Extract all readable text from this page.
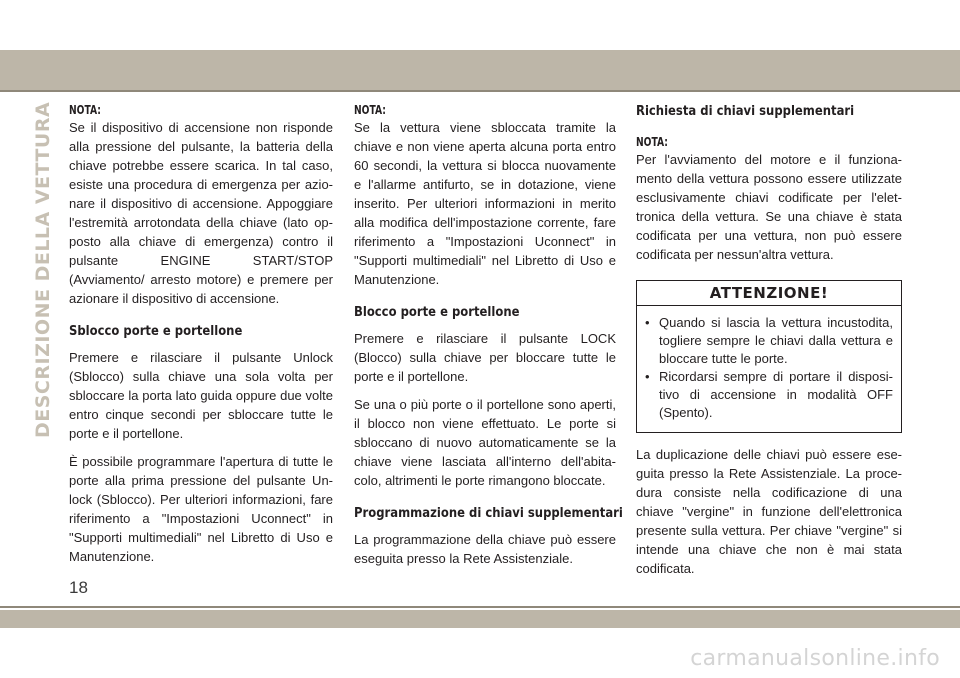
DESCRIZIONE DELLA VETTURA	NOTA:

Se il dispositivo di accensione non risponde alla pressione del pulsante, la batteria della chiave potrebbe essere scarica. In tal caso, esiste una procedura di emergenza per azio-nare il dispositivo di accensione. Appoggiare l'estremità arrotondata della chiave (lato op-posto alla chiave di emergenza) contro il pulsante ENGINE START/STOP (Avviamento/ arresto motore) e premere per azionare il dispositivo di accensione.

Sblocco porte e portellone

Premere e rilasciare il pulsante Unlock (Sblocco) sulla chiave una sola volta per sbloccare la porta lato guida oppure due volte entro cinque secondi per sbloccare tutte le porte e il portellone.

È possibile programmare l'apertura di tutte le porte alla prima pressione del pulsante Un-lock (Sblocco). Per ulteriori informazioni, fare riferimento a "Impostazioni Uconnect" in "Supporti multimediali" nel Libretto di Uso e Manutenzione.

NOTA:

Se la vettura viene sbloccata tramite la chiave e non viene aperta alcuna porta entro 60 secondi, la vettura si blocca nuovamente e l'allarme antifurto, se in dotazione, viene inserito. Per ulteriori informazioni in merito alla modifica dell'impostazione corrente, fare riferimento a "Impostazioni Uconnect" in "Supporti multimediali" nel Libretto di Uso e Manutenzione.

Blocco porte e portellone

Premere e rilasciare il pulsante LOCK (Blocco) sulla chiave per bloccare tutte le porte e il portellone.

Se una o più porte o il portellone sono aperti, il blocco non viene effettuato. Le porte si sbloccano di nuovo automaticamente se la chiave viene lasciata all'interno dell'abita-colo, altrimenti le porte rimangono bloccate.

Programmazione di chiavi supplementari

La programmazione della chiave può essere eseguita presso la Rete Assistenziale.

Richiesta di chiavi supplementari
NOTA:

Per l'avviamento del motore e il funziona-mento della vettura possono essere utilizzate esclusivamente chiavi codificate per l'elet-tronica della vettura. Se una chiave è stata codificata per una vettura, non può essere codificata per nessun'altra vettura.

ATTENZIONE!
• Quando si lascia la vettura incustodita, togliere sempre le chiavi dalla vettura e bloccare tutte le porte.
• Ricordarsi sempre di portare il disposi-tivo di accensione in modalità OFF (Spento).

La duplicazione delle chiavi può essere ese-guita presso la Rete Assistenziale. La proce-dura consiste nella codificazione di una chiave "vergine" in funzione dell'elettronica presente sulla vettura. Per chiave "vergine" si intende una chiave che non è mai stata codificata.

18
carmanualsonline.info
